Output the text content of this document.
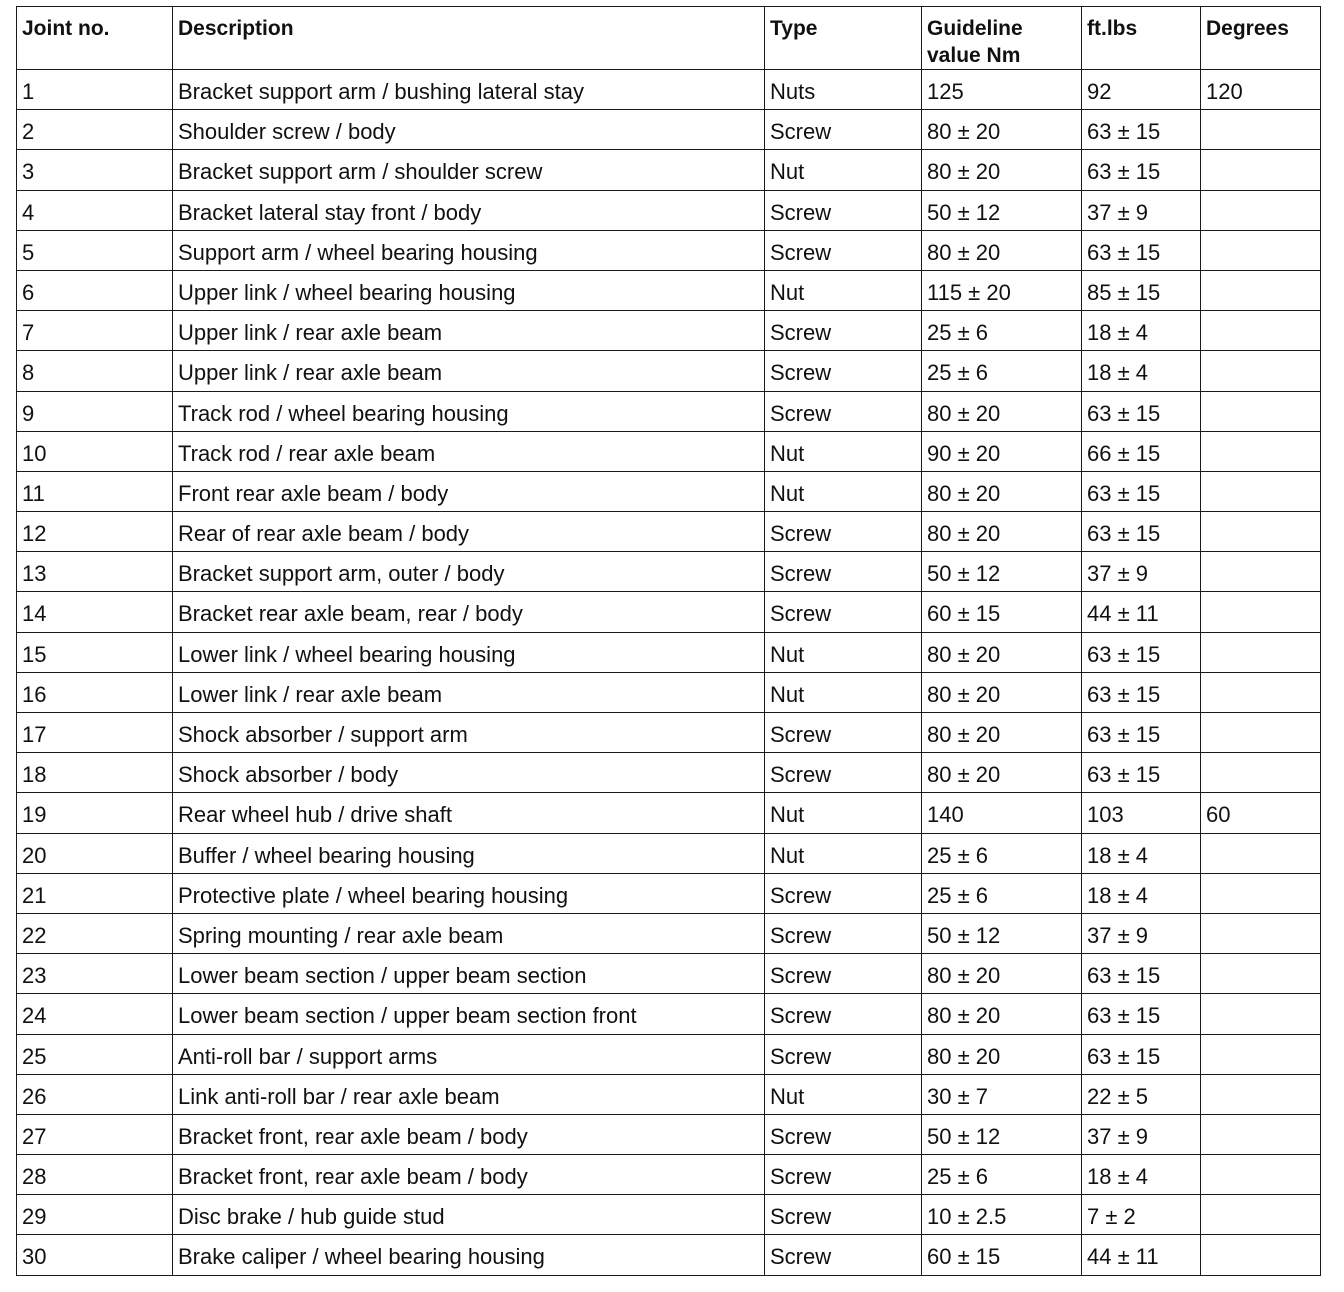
Joint no.	Description	Type	Guideline value Nm	ft.lbs	Degrees
1	Bracket support arm / bushing lateral stay	Nuts	125	92	120
2	Shoulder screw / body	Screw	80 ± 20	63 ± 15	
3	Bracket support arm / shoulder screw	Nut	80 ± 20	63 ± 15	
4	Bracket lateral stay front / body	Screw	50 ± 12	37 ± 9	
5	Support arm / wheel bearing housing	Screw	80 ± 20	63 ± 15	
6	Upper link / wheel bearing housing	Nut	115 ± 20	85 ± 15	
7	Upper link / rear axle beam	Screw	25 ± 6	18 ± 4	
8	Upper link / rear axle beam	Screw	25 ± 6	18 ± 4	
9	Track rod / wheel bearing housing	Screw	80 ± 20	63 ± 15	
10	Track rod / rear axle beam	Nut	90 ± 20	66 ± 15	
11	Front rear axle beam / body	Nut	80 ± 20	63 ± 15	
12	Rear of rear axle beam / body	Screw	80 ± 20	63 ± 15	
13	Bracket support arm, outer / body	Screw	50 ± 12	37 ± 9	
14	Bracket rear axle beam, rear / body	Screw	60 ± 15	44 ± 11	
15	Lower link / wheel bearing housing	Nut	80 ± 20	63 ± 15	
16	Lower link / rear axle beam	Nut	80 ± 20	63 ± 15	
17	Shock absorber / support arm	Screw	80 ± 20	63 ± 15	
18	Shock absorber / body	Screw	80 ± 20	63 ± 15	
19	Rear wheel hub / drive shaft	Nut	140	103	60
20	Buffer / wheel bearing housing	Nut	25 ± 6	18 ± 4	
21	Protective plate / wheel bearing housing	Screw	25 ± 6	18 ± 4	
22	Spring mounting / rear axle beam	Screw	50 ± 12	37 ± 9	
23	Lower beam section / upper beam section	Screw	80 ± 20	63 ± 15	
24	Lower beam section / upper beam section front	Screw	80 ± 20	63 ± 15	
25	Anti-roll bar / support arms	Screw	80 ± 20	63 ± 15	
26	Link anti-roll bar / rear axle beam	Nut	30 ± 7	22 ± 5	
27	Bracket front, rear axle beam / body	Screw	50 ± 12	37 ± 9	
28	Bracket front, rear axle beam / body	Screw	25 ± 6	18 ± 4	
29	Disc brake / hub guide stud	Screw	10 ± 2.5	7 ± 2	
30	Brake caliper / wheel bearing housing	Screw	60 ± 15	44 ± 11	
